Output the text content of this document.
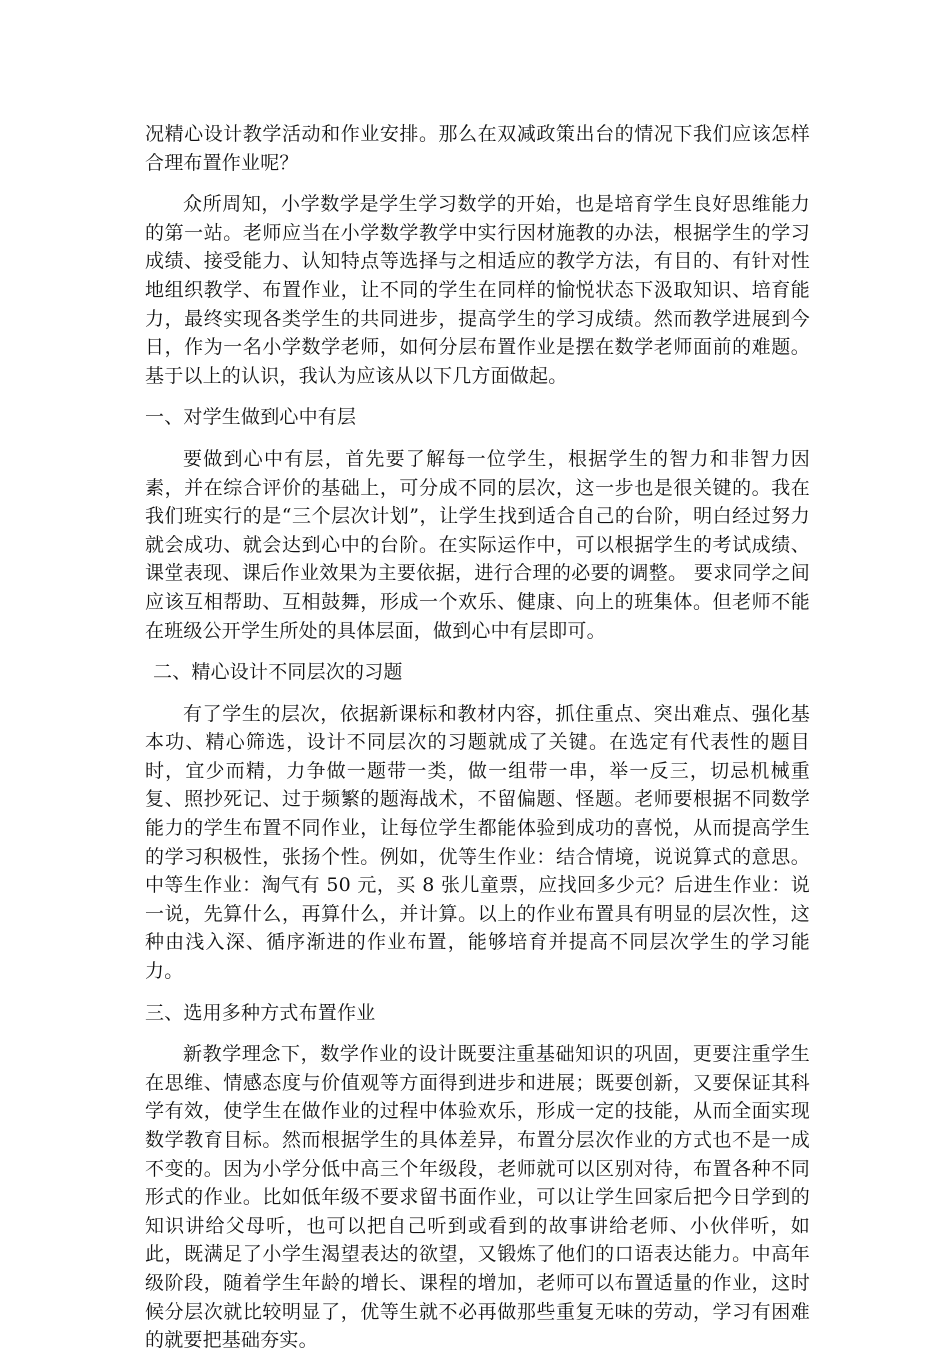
况精心设计教学活动和作业安排。那么在双减政策出台的情况下我们应该怎样合理布置作业呢？

众所周知，小学数学是学生学习数学的开始，也是培育学生良好思维能力的第一站。老师应当在小学数学教学中实行因材施教的办法，根据学生的学习成绩、接受能力、认知特点等选择与之相适应的教学方法，有目的、有针对性地组织教学、布置作业，让不同的学生在同样的愉悦状态下汲取知识、培育能力，最终实现各类学生的共同进步，提高学生的学习成绩。然而教学进展到今日，作为一名小学数学老师，如何分层布置作业是摆在数学老师面前的难题。基于以上的认识，我认为应该从以下几方面做起。

一、对学生做到心中有层

要做到心中有层，首先要了解每一位学生，根据学生的智力和非智力因素，并在综合评价的基础上，可分成不同的层次，这一步也是很关键的。我在我们班实行的是“三个层次计划”，让学生找到适合自己的台阶，明白经过努力就会成功、就会达到心中的台阶。在实际运作中，可以根据学生的考试成绩、课堂表现、课后作业效果为主要依据，进行合理的必要的调整。 要求同学之间应该互相帮助、互相鼓舞，形成一个欢乐、健康、向上的班集体。但老师不能在班级公开学生所处的具体层面，做到心中有层即可。

二、精心设计不同层次的习题

有了学生的层次，依据新课标和教材内容，抓住重点、突出难点、强化基本功、精心筛选，设计不同层次的习题就成了关键。在选定有代表性的题目时，宜少而精，力争做一题带一类，做一组带一串，举一反三，切忌机械重复、照抄死记、过于频繁的题海战术，不留偏题、怪题。老师要根据不同数学能力的学生布置不同作业，让每位学生都能体验到成功的喜悦，从而提高学生的学习积极性，张扬个性。例如，优等生作业：结合情境，说说算式的意思。中等生作业：淘气有 50 元，买 8 张儿童票，应找回多少元？后进生作业：说一说，先算什么，再算什么，并计算。以上的作业布置具有明显的层次性，这种由浅入深、循序渐进的作业布置，能够培育并提高不同层次学生的学习能力。

三、选用多种方式布置作业

新教学理念下，数学作业的设计既要注重基础知识的巩固，更要注重学生在思维、情感态度与价值观等方面得到进步和进展；既要创新，又要保证其科学有效，使学生在做作业的过程中体验欢乐，形成一定的技能，从而全面实现数学教育目标。然而根据学生的具体差异，布置分层次作业的方式也不是一成不变的。因为小学分低中高三个年级段，老师就可以区别对待，布置各种不同形式的作业。比如低年级不要求留书面作业，可以让学生回家后把今日学到的知识讲给父母听，也可以把自己听到或看到的故事讲给老师、小伙伴听，如此，既满足了小学生渴望表达的欲望，又锻炼了他们的口语表达能力。中高年级阶段，随着学生年龄的增长、课程的增加，老师可以布置适量的作业，这时候分层次就比较明显了，优等生就不必再做那些重复无味的劳动，学习有困难的就要把基础夯实。
